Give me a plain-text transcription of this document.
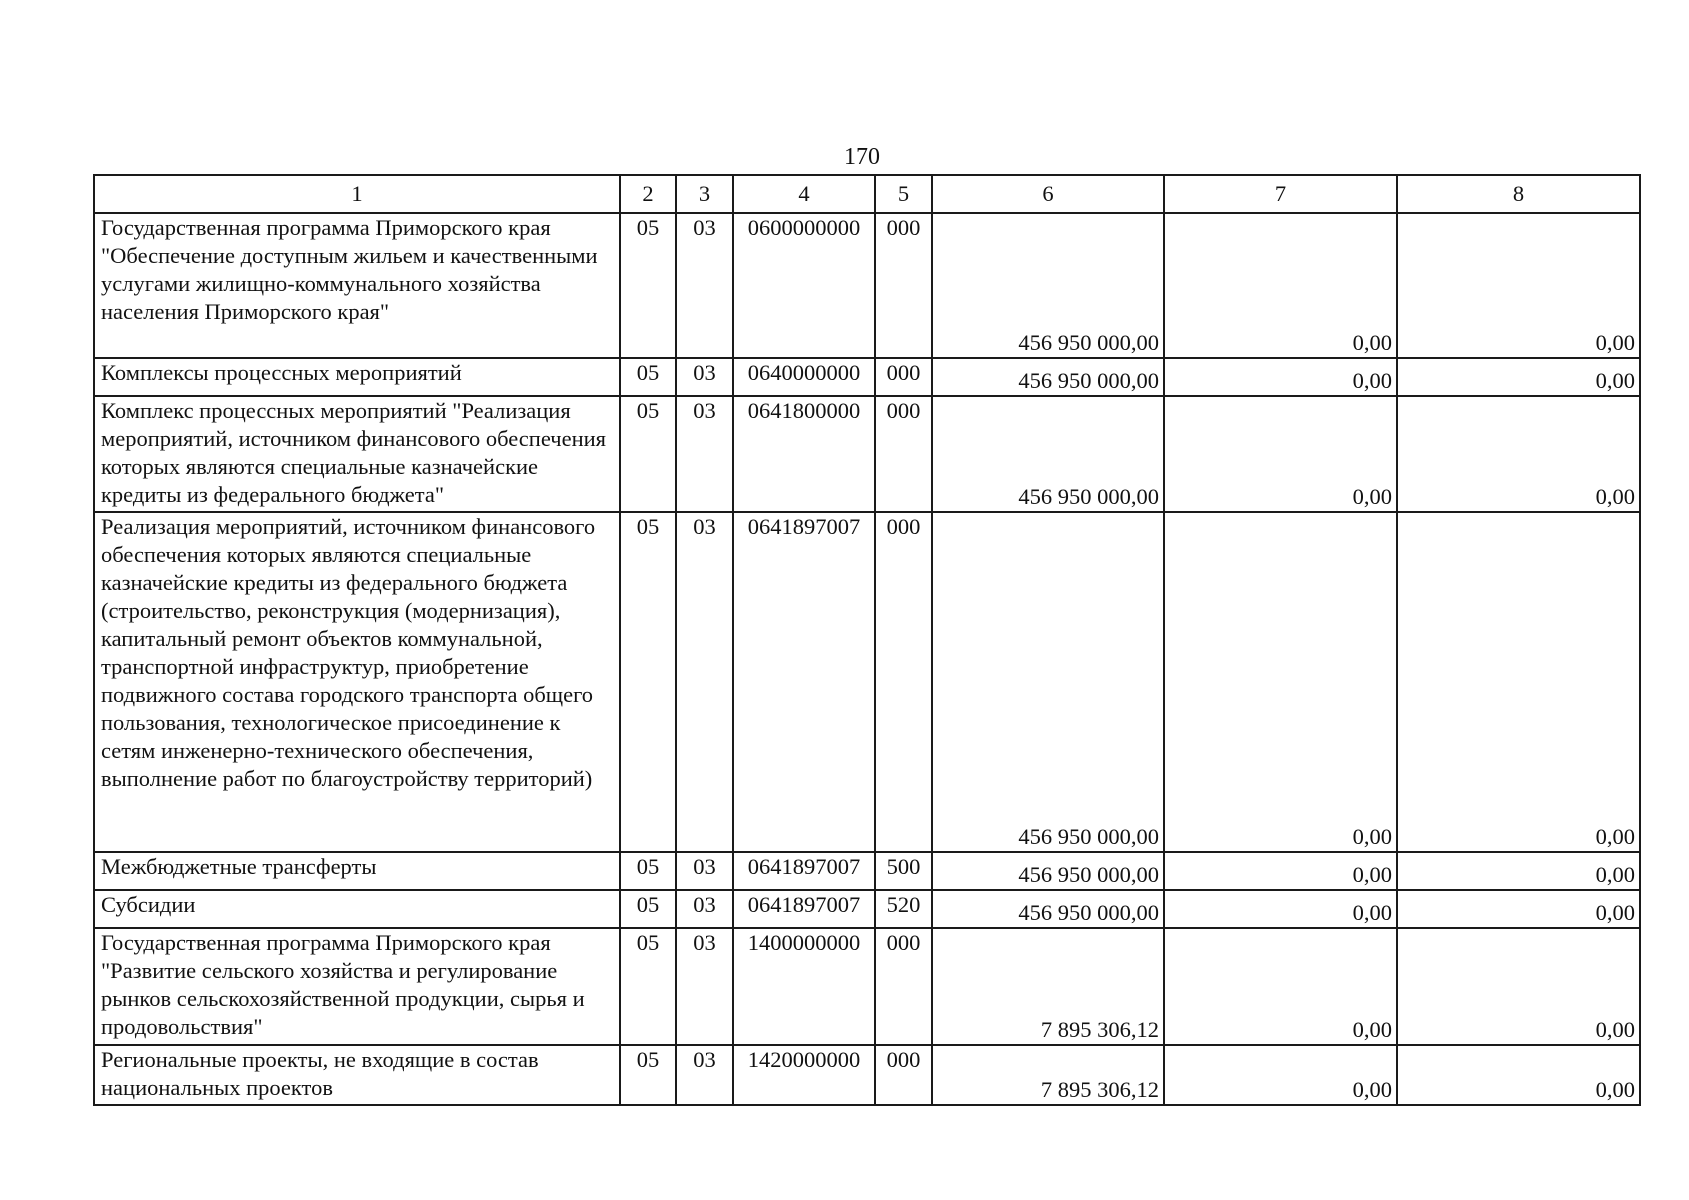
170
1	2	3	4	5	6	7	8
Государственная программа Приморского края "Обеспечение доступным жильем и качественными услугами жилищно-коммунального хозяйства населения Приморского края"	05	03	0600000000	000	456 950 000,00	0,00	0,00
Комплексы процессных мероприятий	05	03	0640000000	000	456 950 000,00	0,00	0,00
Комплекс процессных мероприятий "Реализация мероприятий, источником финансового обеспечения которых являются специальные казначейские кредиты из федерального бюджета"	05	03	0641800000	000	456 950 000,00	0,00	0,00
Реализация мероприятий, источником финансового обеспечения которых являются специальные казначейские кредиты из федерального бюджета (строительство, реконструкция (модернизация), капитальный ремонт объектов коммунальной, транспортной инфраструктур, приобретение подвижного состава городского транспорта общего пользования, технологическое присоединение к сетям инженерно-технического обеспечения, выполнение работ по благоустройству территорий)	05	03	0641897007	000	456 950 000,00	0,00	0,00
Межбюджетные трансферты	05	03	0641897007	500	456 950 000,00	0,00	0,00
Субсидии	05	03	0641897007	520	456 950 000,00	0,00	0,00
Государственная программа Приморского края "Развитие сельского хозяйства и регулирование рынков сельскохозяйственной продукции, сырья и продовольствия"	05	03	1400000000	000	7 895 306,12	0,00	0,00
Региональные проекты, не входящие в состав национальных проектов	05	03	1420000000	000	7 895 306,12	0,00	0,00
